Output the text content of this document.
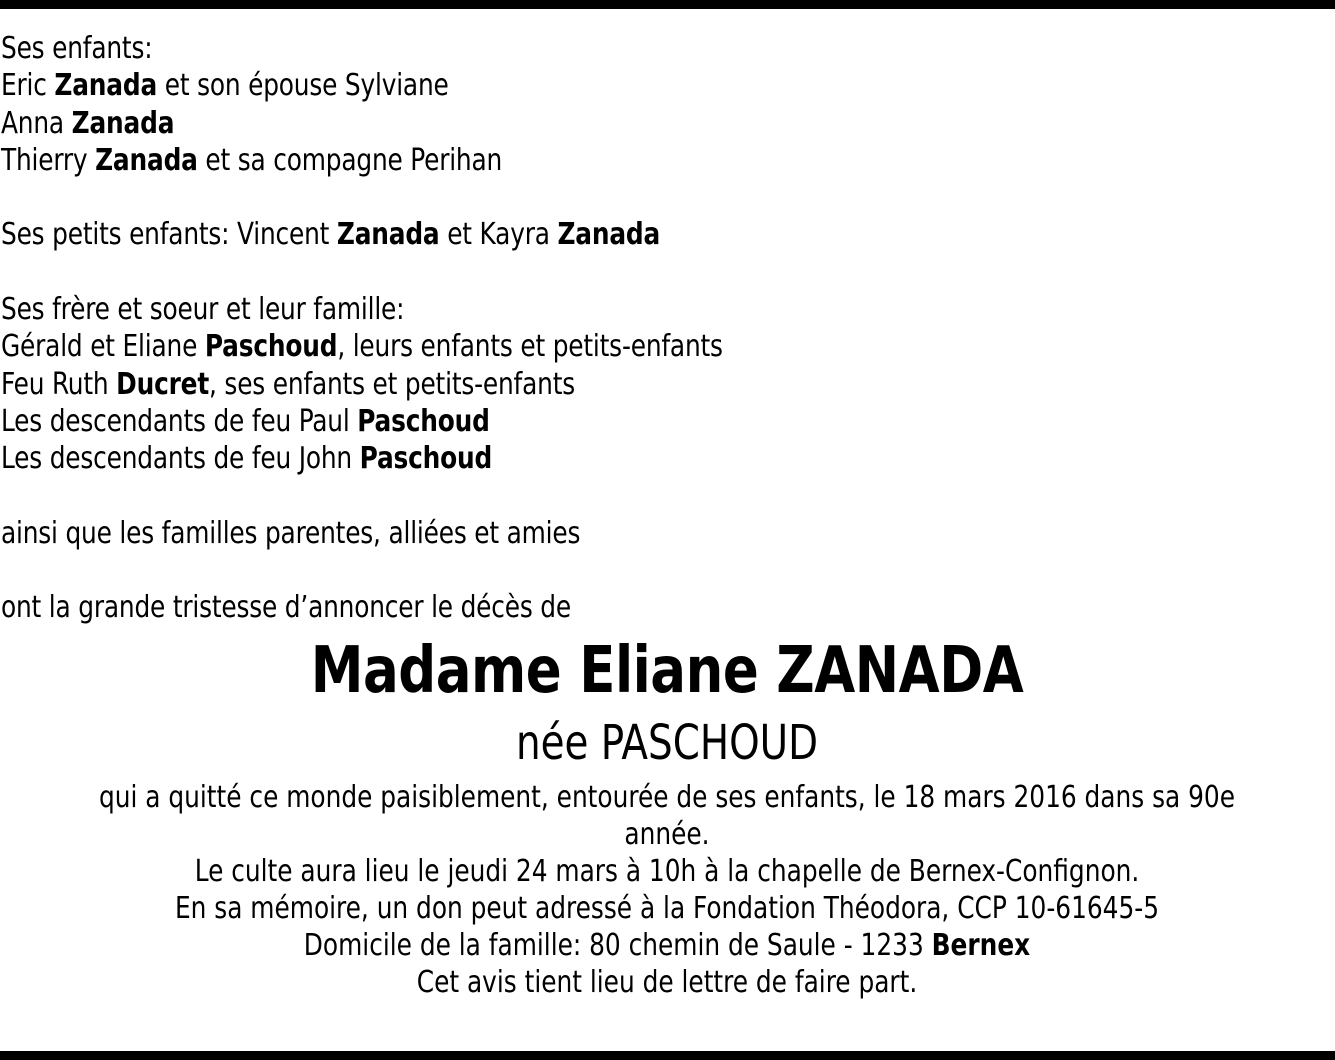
Ses enfants:
Eric Zanada et son épouse Sylviane
Anna Zanada
Thierry Zanada et sa compagne Perihan
Ses petits enfants: Vincent Zanada et Kayra Zanada
Ses frère et soeur et leur famille:
Gérald et Eliane Paschoud, leurs enfants et petits-enfants
Feu Ruth Ducret, ses enfants et petits-enfants
Les descendants de feu Paul Paschoud
Les descendants de feu John Paschoud
ainsi que les familles parentes, alliées et amies
ont la grande tristesse d’annoncer le décès de
Madame Eliane ZANADA
née PASCHOUD
qui a quitté ce monde paisiblement, entourée de ses enfants, le 18 mars 2016 dans sa 90e
année.
Le culte aura lieu le jeudi 24 mars à 10h à la chapelle de Bernex-Confignon.
En sa mémoire, un don peut adressé à la Fondation Théodora, CCP 10-61645-5
Domicile de la famille: 80 chemin de Saule - 1233 Bernex
Cet avis tient lieu de lettre de faire part.
